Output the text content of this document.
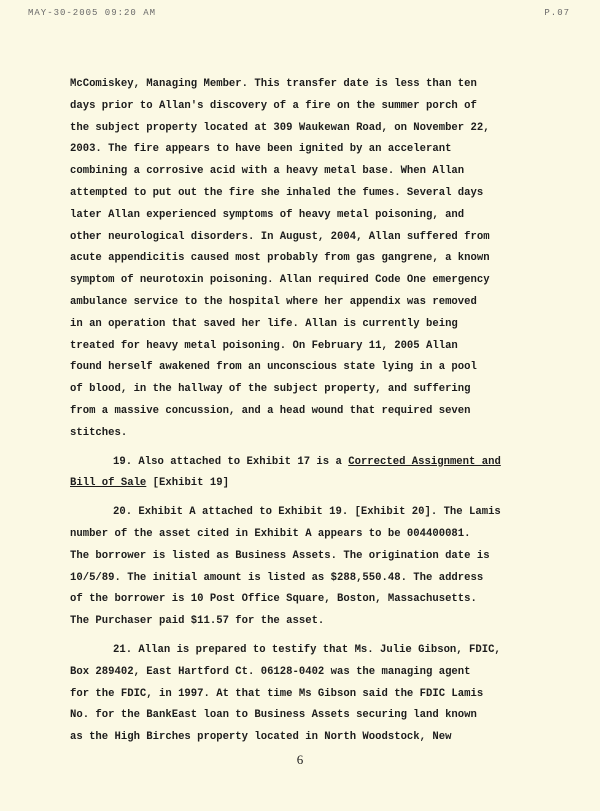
MAY-30-2005 09:20 AM	P.07
McComiskey, Managing Member. This transfer date is less than ten
days prior to Allan's discovery of a fire on the summer porch of
the subject property located at 309 Waukewan Road, on November 22,
2003. The fire appears to have been ignited by an accelerant
combining a corrosive acid with a heavy metal base. When Allan
attempted to put out the fire she inhaled the fumes. Several days
later Allan experienced symptoms of heavy metal poisoning, and
other neurological disorders. In August, 2004, Allan suffered from
acute appendicitis caused most probably from gas gangrene, a known
symptom of neurotoxin poisoning. Allan required Code One emergency
ambulance service to the hospital where her appendix was removed
in an operation that saved her life. Allan is currently being
treated for heavy metal poisoning. On February 11, 2005 Allan
found herself awakened from an unconscious state lying in a pool
of blood, in the hallway of the subject property, and suffering
from a massive concussion, and a head wound that required seven
stitches.
19. Also attached to Exhibit 17 is a Corrected Assignment and
Bill of Sale [Exhibit 19]
20. Exhibit A attached to Exhibit 19. [Exhibit 20]. The Lamis
number of the asset cited in Exhibit A appears to be 004400081.
The borrower is listed as Business Assets. The origination date is
10/5/89. The initial amount is listed as $288,550.48. The address
of the borrower is 10 Post Office Square, Boston, Massachusetts.
The Purchaser paid $11.57 for the asset.
21. Allan is prepared to testify that Ms. Julie Gibson, FDIC,
Box 289402, East Hartford Ct. 06128-0402 was the managing agent
for the FDIC, in 1997. At that time Ms Gibson said the FDIC Lamis
No. for the BankEast loan to Business Assets securing land known
as the High Birches property located in North Woodstock, New
6
